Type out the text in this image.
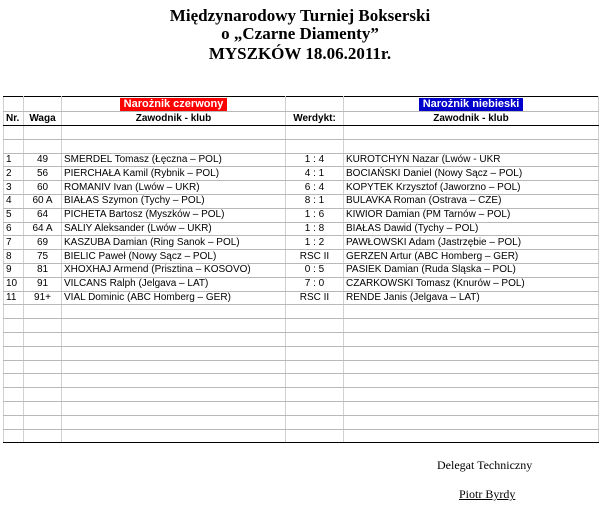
Międzynarodowy Turniej Bokserski
o „Czarne Diamenty”
MYSZKÓW 18.06.2011r.
		Narożnik czerwony		Narożnik niebieski
Nr.	Waga	Zawodnik - klub	Werdykt:	Zawodnik - klub

1	49	SMERDEL Tomasz (Łęczna – POL)	1 : 4	KUROTCHYN Nazar (Lwów - UKR
2	56	PIERCHAŁA Kamil (Rybnik – POL)	4 : 1	BOCIAŃSKI Daniel (Nowy Sącz – POL)
3	60	ROMANIV Ivan (Lwów – UKR)	6 : 4	KOPYTEK Krzysztof (Jaworzno – POL)
4	60 A	BIAŁAS Szymon (Tychy – POL)	8 : 1	BULAVKA Roman (Ostrava – CZE)
5	64	PICHETA Bartosz (Myszków – POL)	1 : 6	KIWIOR Damian (PM Tarnów – POL)
6	64 A	SALIY Aleksander (Lwów – UKR)	1 : 8	BIAŁAS Dawid (Tychy – POL)
7	69	KASZUBA Damian (Ring Sanok – POL)	1 : 2	PAWŁOWSKI Adam (Jastrzębie – POL)
8	75	BIELIC Paweł (Nowy Sącz – POL)	RSC II	GERZEN Artur (ABC Homberg – GER)
9	81	XHOXHAJ Armend (Prisztina – KOSOVO)	0 : 5	PASIEK Damian (Ruda Śląska – POL)
10	91	VILCANS Ralph (Jelgava – LAT)	7 : 0	CZARKOWSKI Tomasz (Knurów – POL)
11	91+	VIAL Dominic (ABC Homberg – GER)	RSC II	RENDE Janis (Jelgava – LAT)

Delegat Techniczny
Piotr Byrdy
